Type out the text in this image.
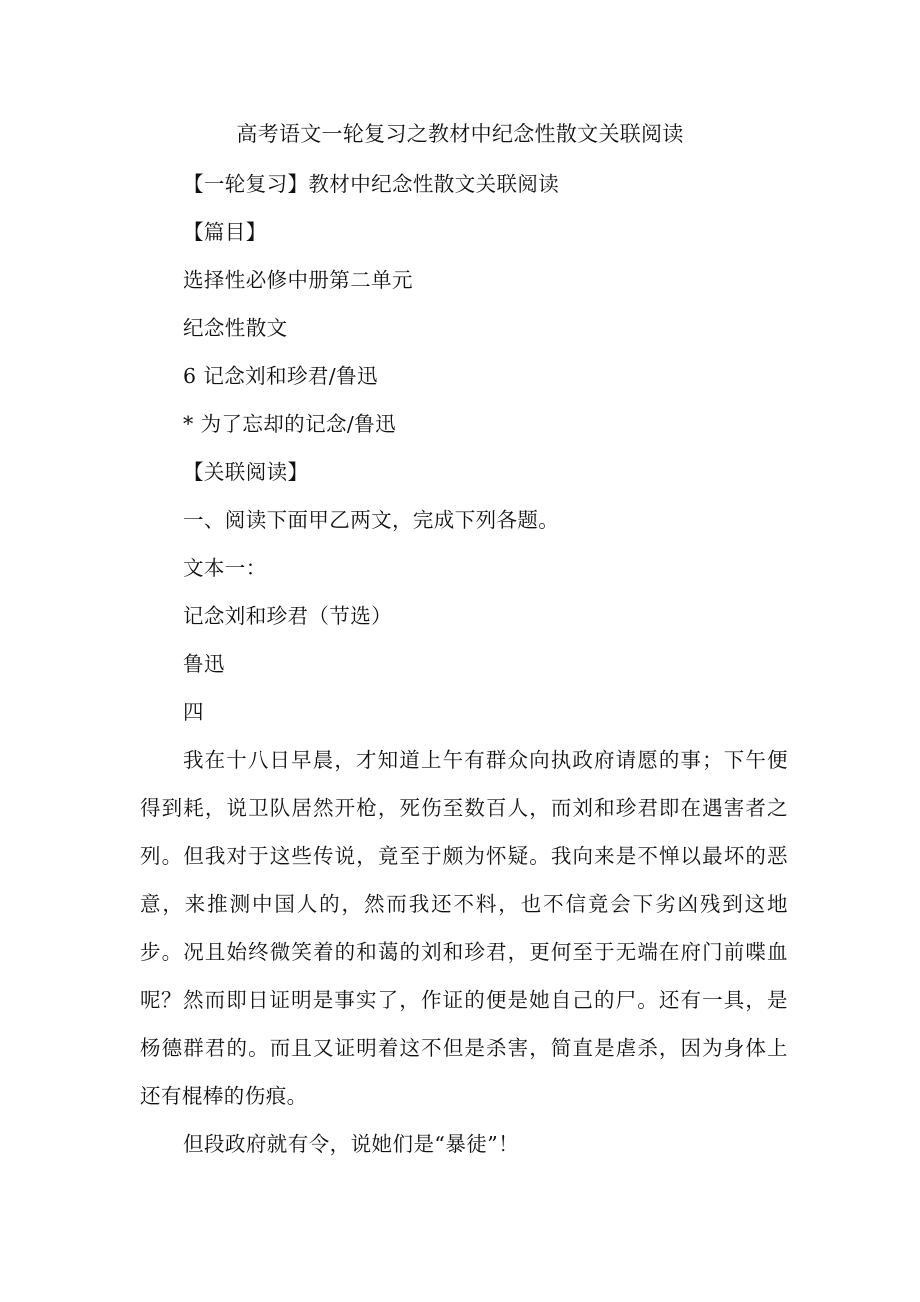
高考语文一轮复习之教材中纪念性散文关联阅读
【一轮复习】教材中纪念性散文关联阅读
【篇目】
选择性必修中册第二单元
纪念性散文
6 记念刘和珍君/鲁迅
* 为了忘却的记念/鲁迅
【关联阅读】
一、阅读下面甲乙两文，完成下列各题。
文本一：
记念刘和珍君（节选）
鲁迅
四
我在十八日早晨，才知道上午有群众向执政府请愿的事；下午便得到耗，说卫队居然开枪，死伤至数百人，而刘和珍君即在遇害者之列。但我对于这些传说，竟至于颇为怀疑。我向来是不惮以最坏的恶意，来推测中国人的，然而我还不料，也不信竟会下劣凶残到这地步。况且始终微笑着的和蔼的刘和珍君，更何至于无端在府门前喋血呢？ 然而即日证明是事实了，作证的便是她自己的尸。还有一具，是杨德群君的。而且又证明着这不但是杀害，简直是虐杀，因为身体上还有棍棒的伤痕。
但段政府就有令，说她们是“暴徒”！
